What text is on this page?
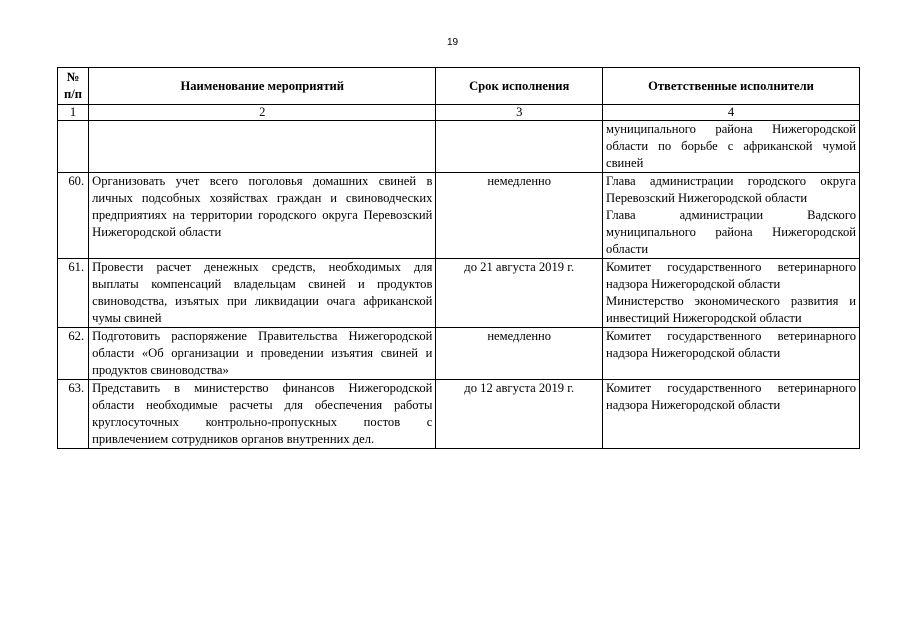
19
№ п/п	Наименование мероприятий	Срок исполнения	Ответственные исполнители
1	2	3	4

			муниципального района Нижегородской области по борьбе с африканской чумой свиней

60.	Организовать учет всего поголовья домашних свиней в личных подсобных хозяйствах граждан и свиноводческих предприятиях на территории городского округа Перевозский Нижегородской области	немедленно	Глава администрации городского округа Перевозский Нижегородской области
Глава администрации Вадского муниципального района Нижегородской области

61.	Провести расчет денежных средств, необходимых для выплаты компенсаций владельцам свиней и продуктов свиноводства, изъятых при ликвидации очага африканской чумы свиней	до 21 августа 2019 г.	Комитет государственного ветеринарного надзора Нижегородской области
Министерство экономического развития и инвестиций Нижегородской области

62.	Подготовить распоряжение Правительства Нижегородской области «Об организации и проведении изъятия свиней и продуктов свиноводства»	немедленно	Комитет государственного ветеринарного надзора Нижегородской области

63.	Представить в министерство финансов Нижегородской области необходимые расчеты для обеспечения работы круглосуточных контрольно-пропускных постов с привлечением сотрудников органов внутренних дел.	до 12 августа 2019 г.	Комитет государственного ветеринарного надзора Нижегородской области
